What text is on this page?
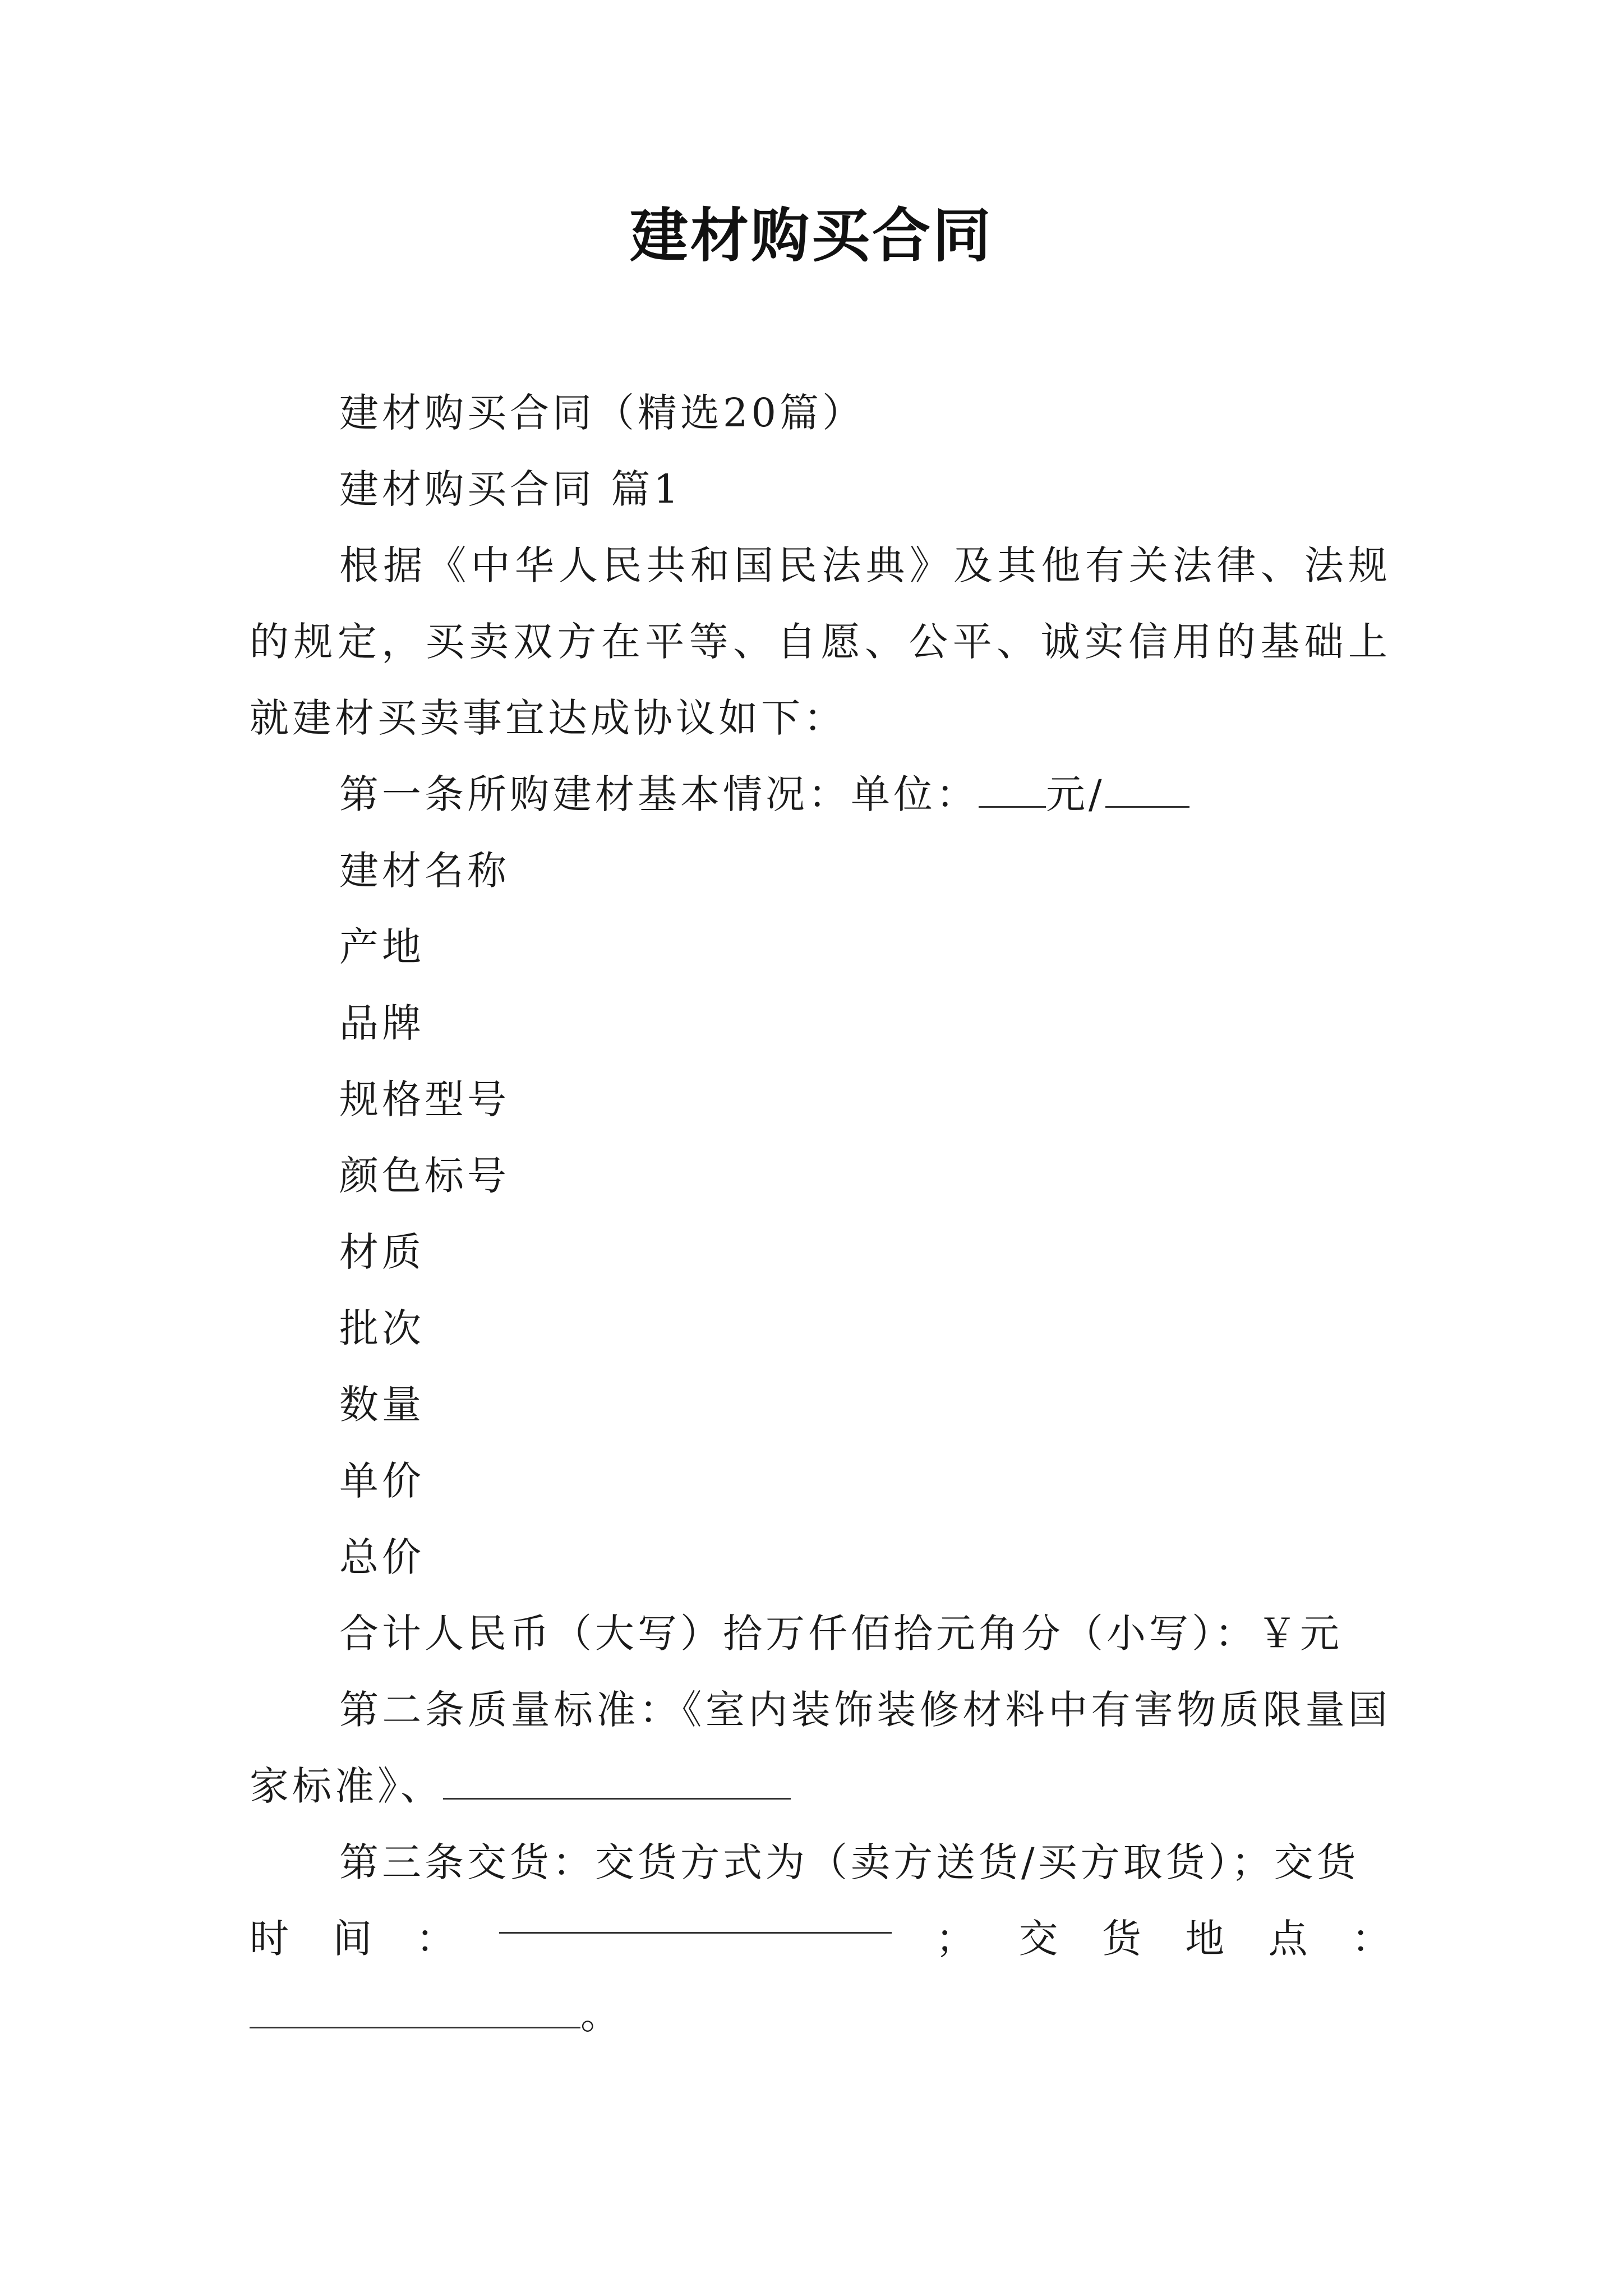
建材购买合同

建材购买合同（精选20篇）

建材购买合同 篇1

根据《中华人民共和国民法典》及其他有关法律、法规的规定，买卖双方在平等、自愿、公平、诚实信用的基础上就建材买卖事宜达成协议如下：

第一条所购建材基本情况：单位： 元/

建材名称

产地

品牌

规格型号

颜色标号

材质

批次

数量

单价

总价

合计人民币（大写）拾万仟佰拾元角分（小写）：￥元

第二条质量标准：《室内装饰装修材料中有害物质限量国家标准》、

第三条交货：交货方式为（卖方送货/买方取货）；交货

时 间 ：	； 交 货 地 点 ：

。
